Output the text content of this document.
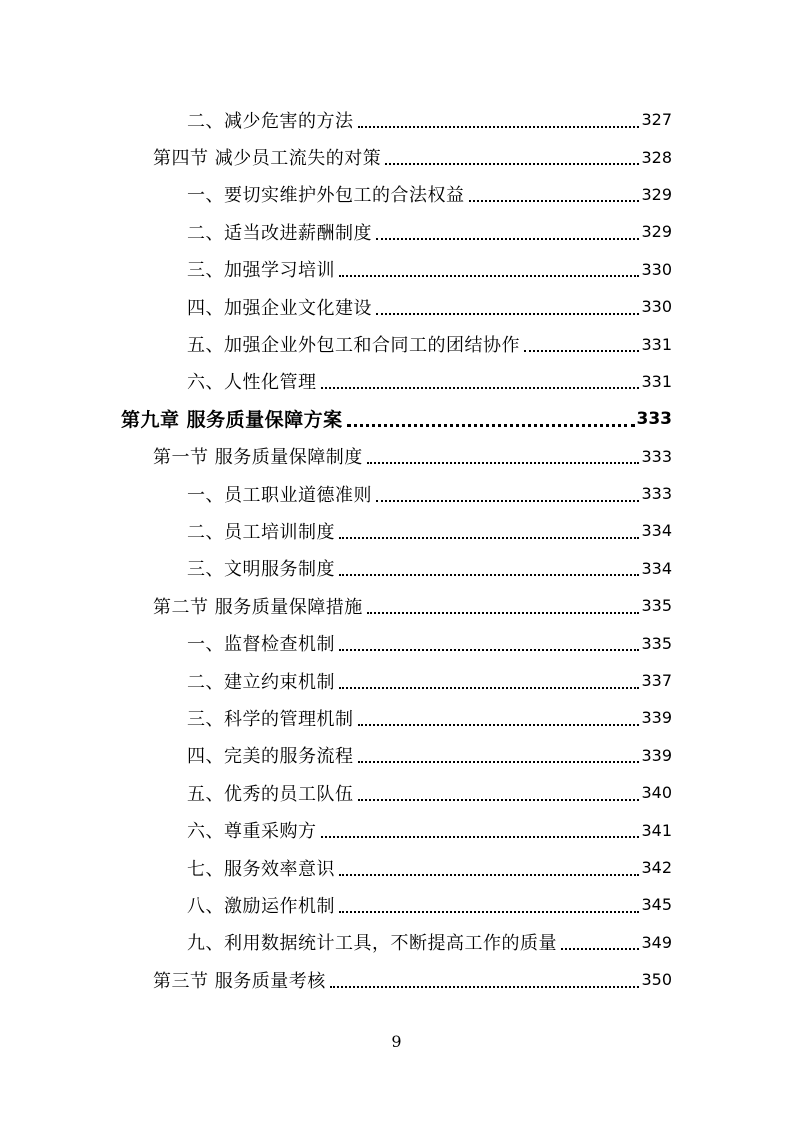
二、减少危害的方法	327
第四节 减少员工流失的对策	328
一、要切实维护外包工的合法权益	329
二、适当改进薪酬制度	329
三、加强学习培训	330
四、加强企业文化建设	330
五、加强企业外包工和合同工的团结协作	331
六、人性化管理	331
第九章 服务质量保障方案	333
第一节 服务质量保障制度	333
一、员工职业道德准则	333
二、员工培训制度	334
三、文明服务制度	334
第二节 服务质量保障措施	335
一、监督检查机制	335
二、建立约束机制	337
三、科学的管理机制	339
四、完美的服务流程	339
五、优秀的员工队伍	340
六、尊重采购方	341
七、服务效率意识	342
八、激励运作机制	345
九、利用数据统计工具，不断提高工作的质量	349
第三节 服务质量考核	350
9
